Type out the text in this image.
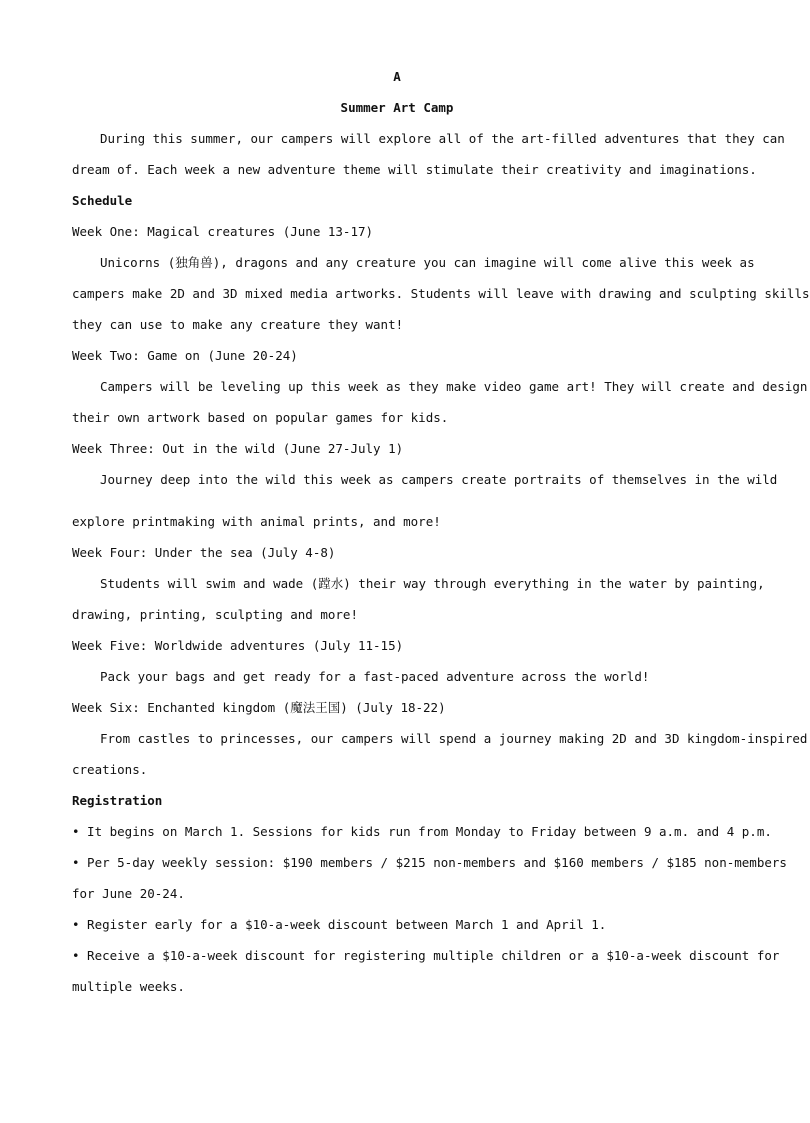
A
Summer Art Camp
During this summer, our campers will explore all of the art-filled adventures that they can
dream of. Each week a new adventure theme will stimulate their creativity and imaginations.
Schedule
Week One: Magical creatures (June 13-17)
Unicorns (独角兽), dragons and any creature you can imagine will come alive this week as
campers make 2D and 3D mixed media artworks. Students will leave with drawing and sculpting skills
they can use to make any creature they want!
Week Two: Game on (June 20-24)
Campers will be leveling up this week as they make video game art! They will create and design
their own artwork based on popular games for kids.
Week Three: Out in the wild (June 27-July 1)
Journey deep into the wild this week as campers create portraits of themselves in the wild
explore printmaking with animal prints, and more!
Week Four: Under the sea (July 4-8)
Students will swim and wade (蹚水) their way through everything in the water by painting,
drawing, printing, sculpting and more!
Week Five: Worldwide adventures (July 11-15)
Pack your bags and get ready for a fast-paced adventure across the world!
Week Six: Enchanted kingdom (魔法王国) (July 18-22)
From castles to princesses, our campers will spend a journey making 2D and 3D kingdom-inspired
creations.
Registration
• It begins on March 1. Sessions for kids run from Monday to Friday between 9 a.m. and 4 p.m.
• Per 5-day weekly session: $190 members / $215 non-members and $160 members / $185 non-members
for June 20-24.
• Register early for a $10-a-week discount between March 1 and April 1.
• Receive a $10-a-week discount for registering multiple children or a $10-a-week discount for
multiple weeks.
